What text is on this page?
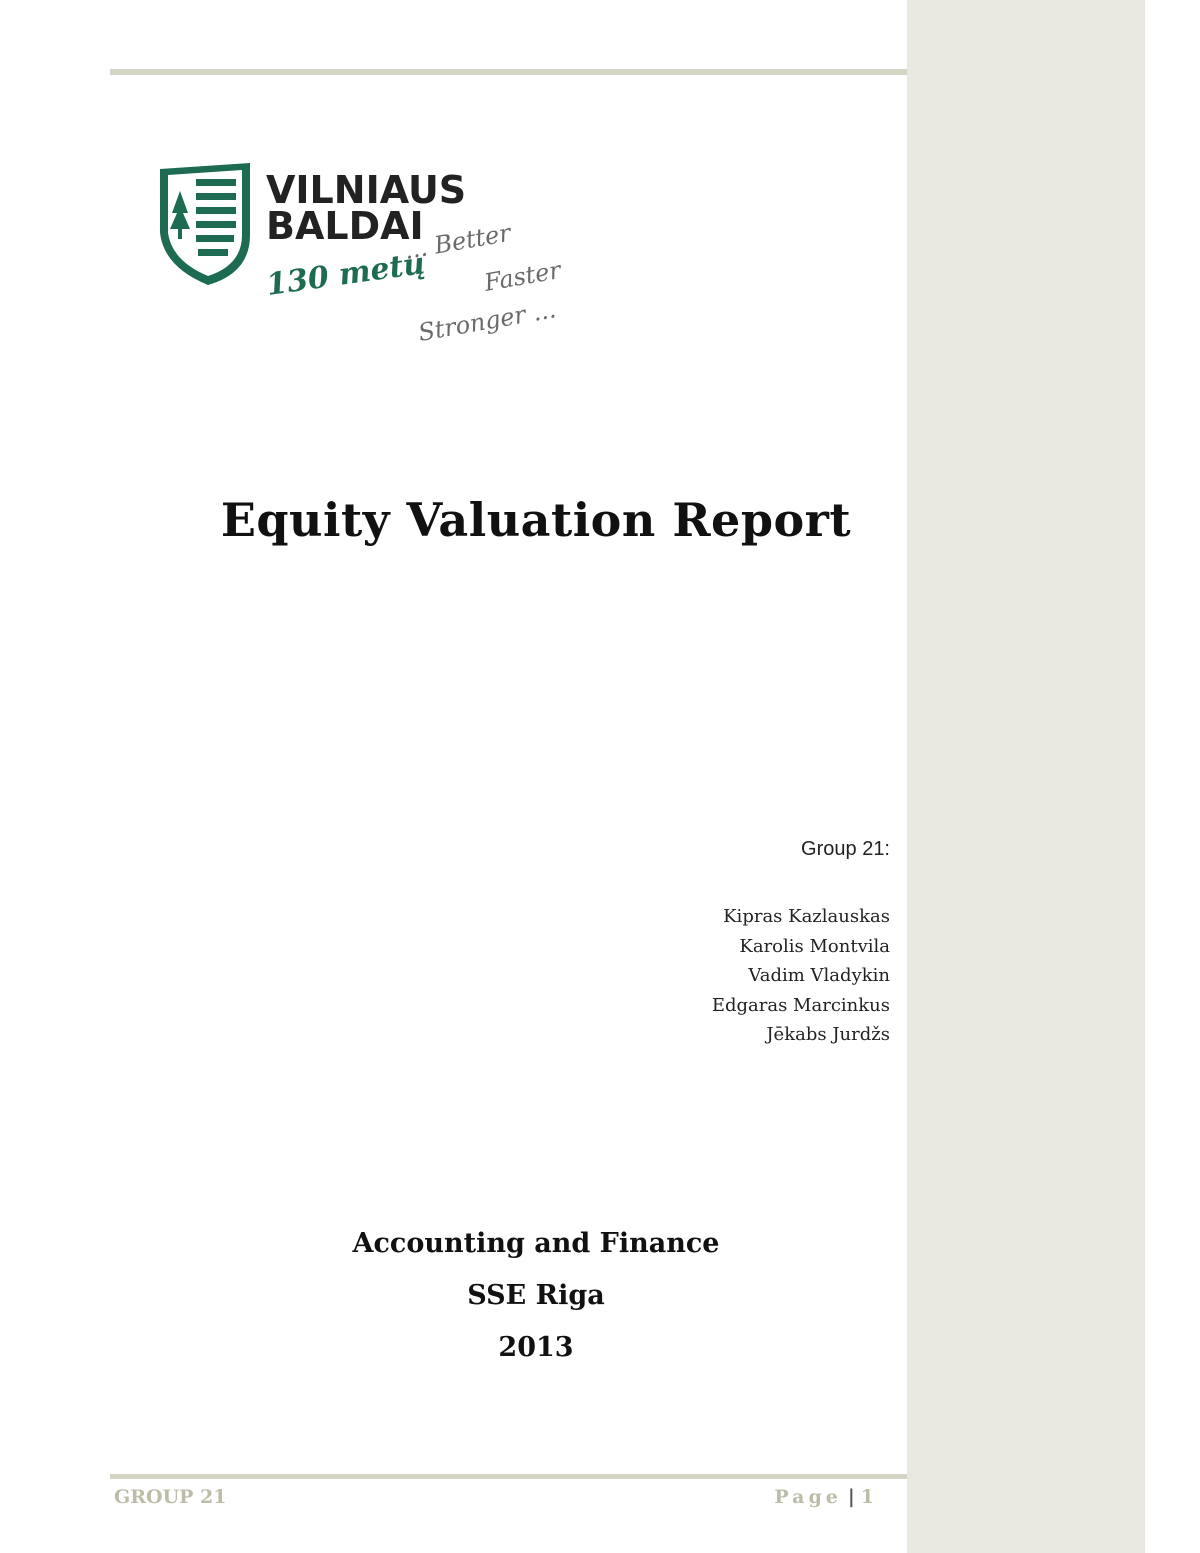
VILNIAUS
BALDAI
130 metų
... Better
Faster
Stronger ...
Equity Valuation Report
Group 21:
Kipras Kazlauskas
Karolis Montvila
Vadim Vladykin
Edgaras Marcinkus
Jēkabs Jurdžs
Accounting and Finance
SSE Riga
2013
GROUP 21	Page | 1
